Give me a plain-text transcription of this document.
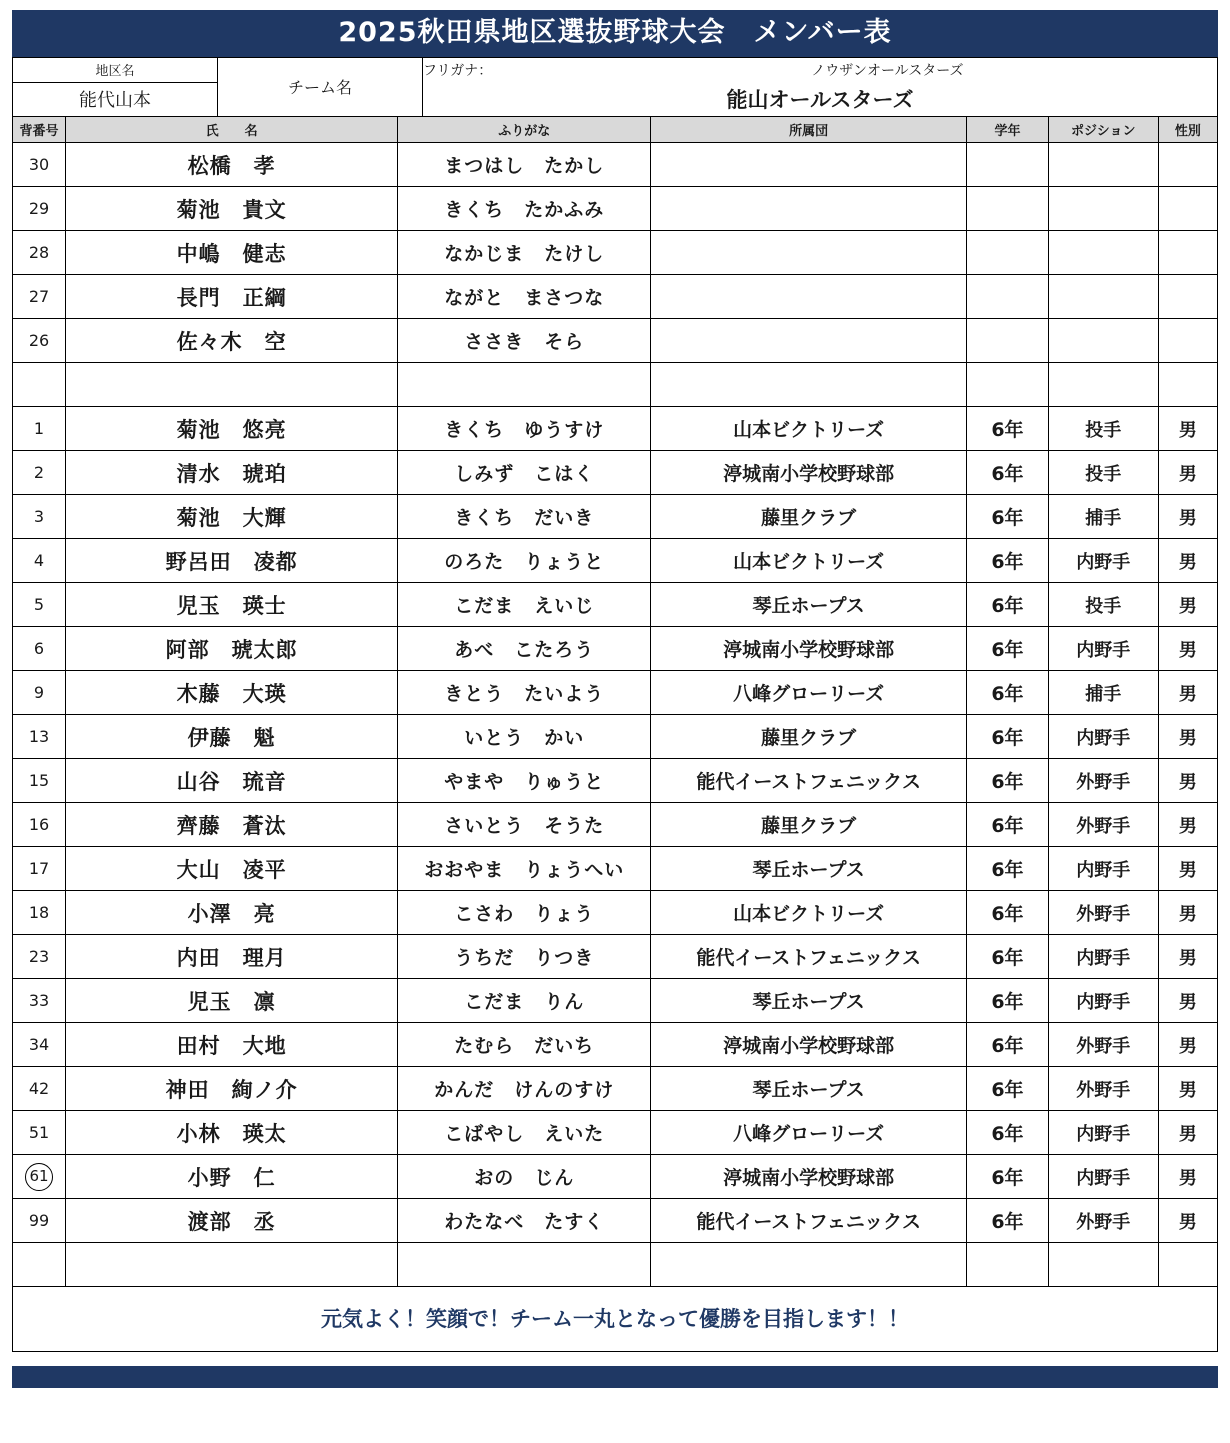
2025秋田県地区選抜野球大会　メンバー表
地区名	チーム名	フリガナ： ノウザンオールスターズ
能代山本		能山オールスターズ
背番号	氏　　名	ふりがな	所属団	学年	ポジション	性別
30	松橋　孝	まつはし　たかし				
29	菊池　貴文	きくち　たかふみ				
28	中嶋　健志	なかじま　たけし				
27	長門　正綱	ながと　まさつな				
26	佐々木　空	ささき　そら				

1	菊池　悠亮	きくち　ゆうすけ	山本ビクトリーズ	6年	投手	男
2	清水　琥珀	しみず　こはく	渟城南小学校野球部	6年	投手	男
3	菊池　大輝	きくち　だいき	藤里クラブ	6年	捕手	男
4	野呂田　凌都	のろた　りょうと	山本ビクトリーズ	6年	内野手	男
5	児玉　瑛士	こだま　えいじ	琴丘ホープス	6年	投手	男
6	阿部　琥太郎	あべ　こたろう	渟城南小学校野球部	6年	内野手	男
9	木藤　大瑛	きとう　たいよう	八峰グローリーズ	6年	捕手	男
13	伊藤　魁	いとう　かい	藤里クラブ	6年	内野手	男
15	山谷　琉音	やまや　りゅうと	能代イーストフェニックス	6年	外野手	男
16	齊藤　蒼汰	さいとう　そうた	藤里クラブ	6年	外野手	男
17	大山　凌平	おおやま　りょうへい	琴丘ホープス	6年	内野手	男
18	小澤　亮	こさわ　りょう	山本ビクトリーズ	6年	外野手	男
23	内田　理月	うちだ　りつき	能代イーストフェニックス	6年	内野手	男
33	児玉　凛	こだま　りん	琴丘ホープス	6年	内野手	男
34	田村　大地	たむら　だいち	渟城南小学校野球部	6年	外野手	男
42	神田　絢ノ介	かんだ　けんのすけ	琴丘ホープス	6年	外野手	男
51	小林　瑛太	こばやし　えいた	八峰グローリーズ	6年	内野手	男
61	小野　仁	おの　じん	渟城南小学校野球部	6年	内野手	男
99	渡部　丞	わたなべ　たすく	能代イーストフェニックス	6年	外野手	男

元気よく！笑顔で！チーム一丸となって優勝を目指します！！
